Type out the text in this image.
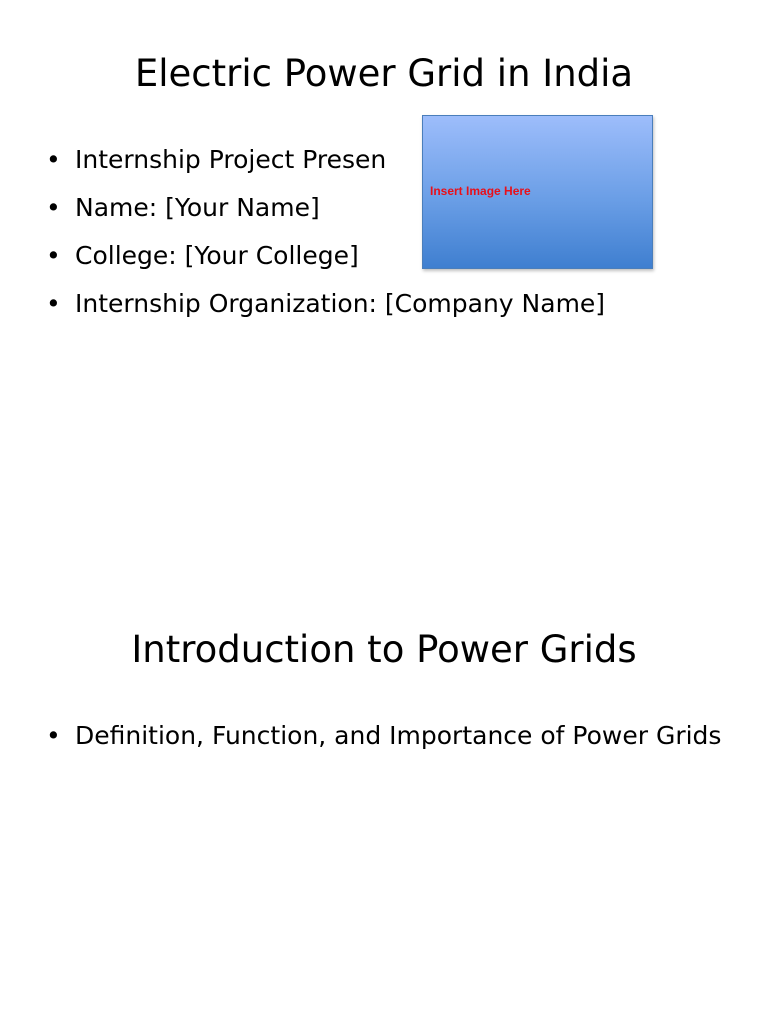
Electric Power Grid in India
• Internship Project Presen
• Name: [Your Name]
• College: [Your College]
• Internship Organization: [Company Name]
Insert Image Here
Introduction to Power Grids
• Definition, Function, and Importance of Power Grids
